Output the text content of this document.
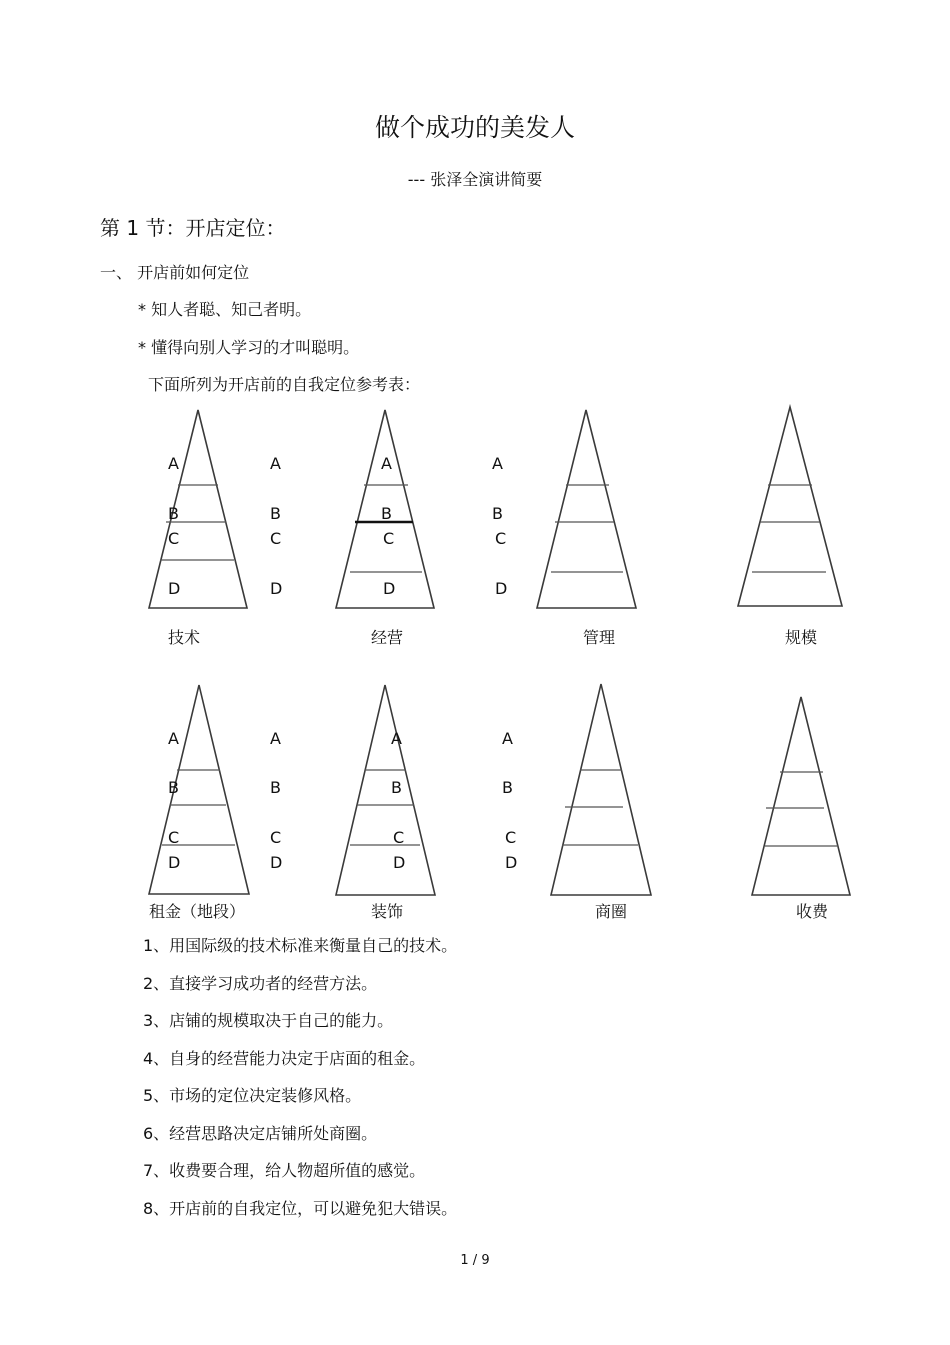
做个成功的美发人
--- 张泽全演讲简要
第 1 节：开店定位：
一、 开店前如何定位
* 知人者聪、知己者明。
* 懂得向别人学习的才叫聪明。
下面所列为开店前的自我定位参考表：
A
B
C
D
A
B
C
D
技术
A
B
C
D
A
B
C
D
经营	管理	规模
A
B
C
D
A
B
C
D
租金（地段）
A
B
C
D
A
B
C
D
装饰	商圈	收费
1、用国际级的技术标准来衡量自己的技术。
2、直接学习成功者的经营方法。
3、店铺的规模取决于自己的能力。
4、自身的经营能力决定于店面的租金。
5、市场的定位决定装修风格。
6、经营思路决定店铺所处商圈。
7、收费要合理，给人物超所值的感觉。
8、开店前的自我定位，可以避免犯大错误。
1 / 9
